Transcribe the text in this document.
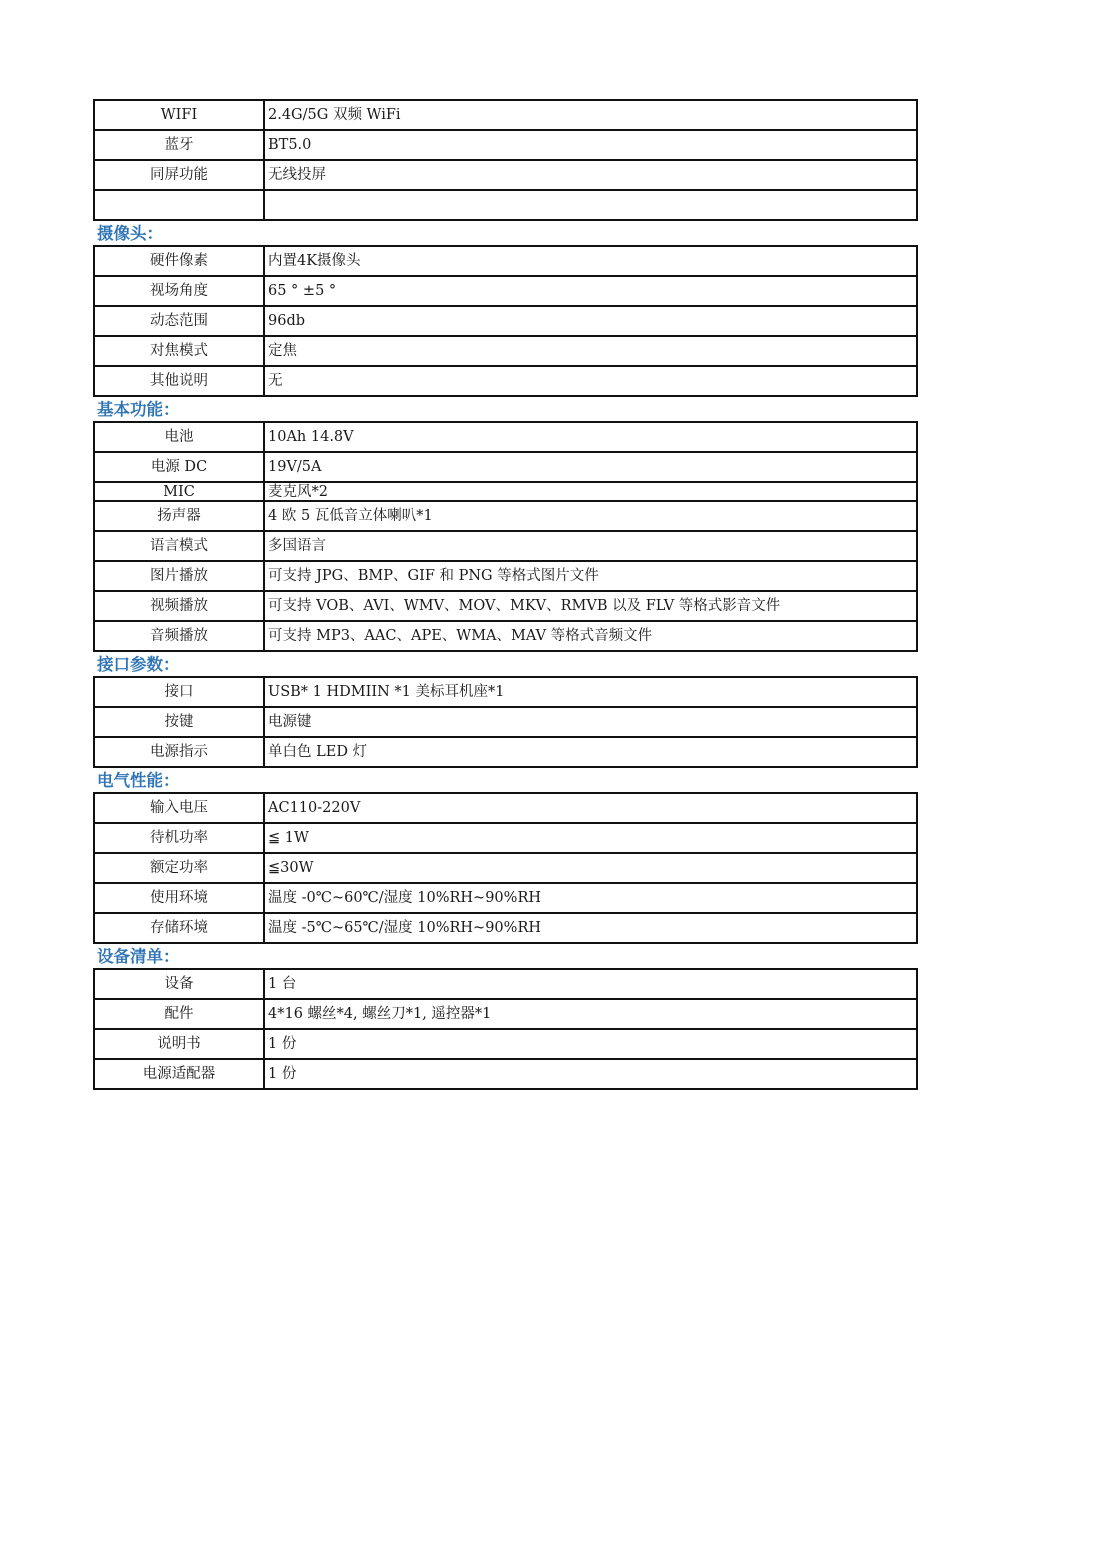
WIFI	2.4G/5G 双频 WiFi
蓝牙	BT5.0
同屏功能	无线投屏

摄像头：
硬件像素	内置4K摄像头
视场角度	65 ° ±5 °
动态范围	96db
对焦模式	定焦
其他说明	无
基本功能：
电池	10Ah 14.8V
电源 DC	19V/5A
MIC	麦克风*2
扬声器	4 欧 5 瓦低音立体喇叭*1
语言模式	多国语言
图片播放	可支持 JPG、BMP、GIF 和 PNG 等格式图片文件
视频播放	可支持 VOB、AVI、WMV、MOV、MKV、RMVB 以及 FLV 等格式影音文件
音频播放	可支持 MP3、AAC、APE、WMA、MAV 等格式音频文件
接口参数：
接口	USB* 1 HDMIIN *1 美标耳机座*1
按键	电源键
电源指示	单白色 LED 灯
电气性能：
输入电压	AC110-220V
待机功率	≦ 1W
额定功率	≦30W
使用环境	温度 -0℃~60℃/湿度 10%RH~90%RH
存储环境	温度 -5℃~65℃/湿度 10%RH~90%RH
设备清单：
设备	1 台
配件	4*16 螺丝*4, 螺丝刀*1, 遥控器*1
说明书	1 份
电源适配器	1 份
